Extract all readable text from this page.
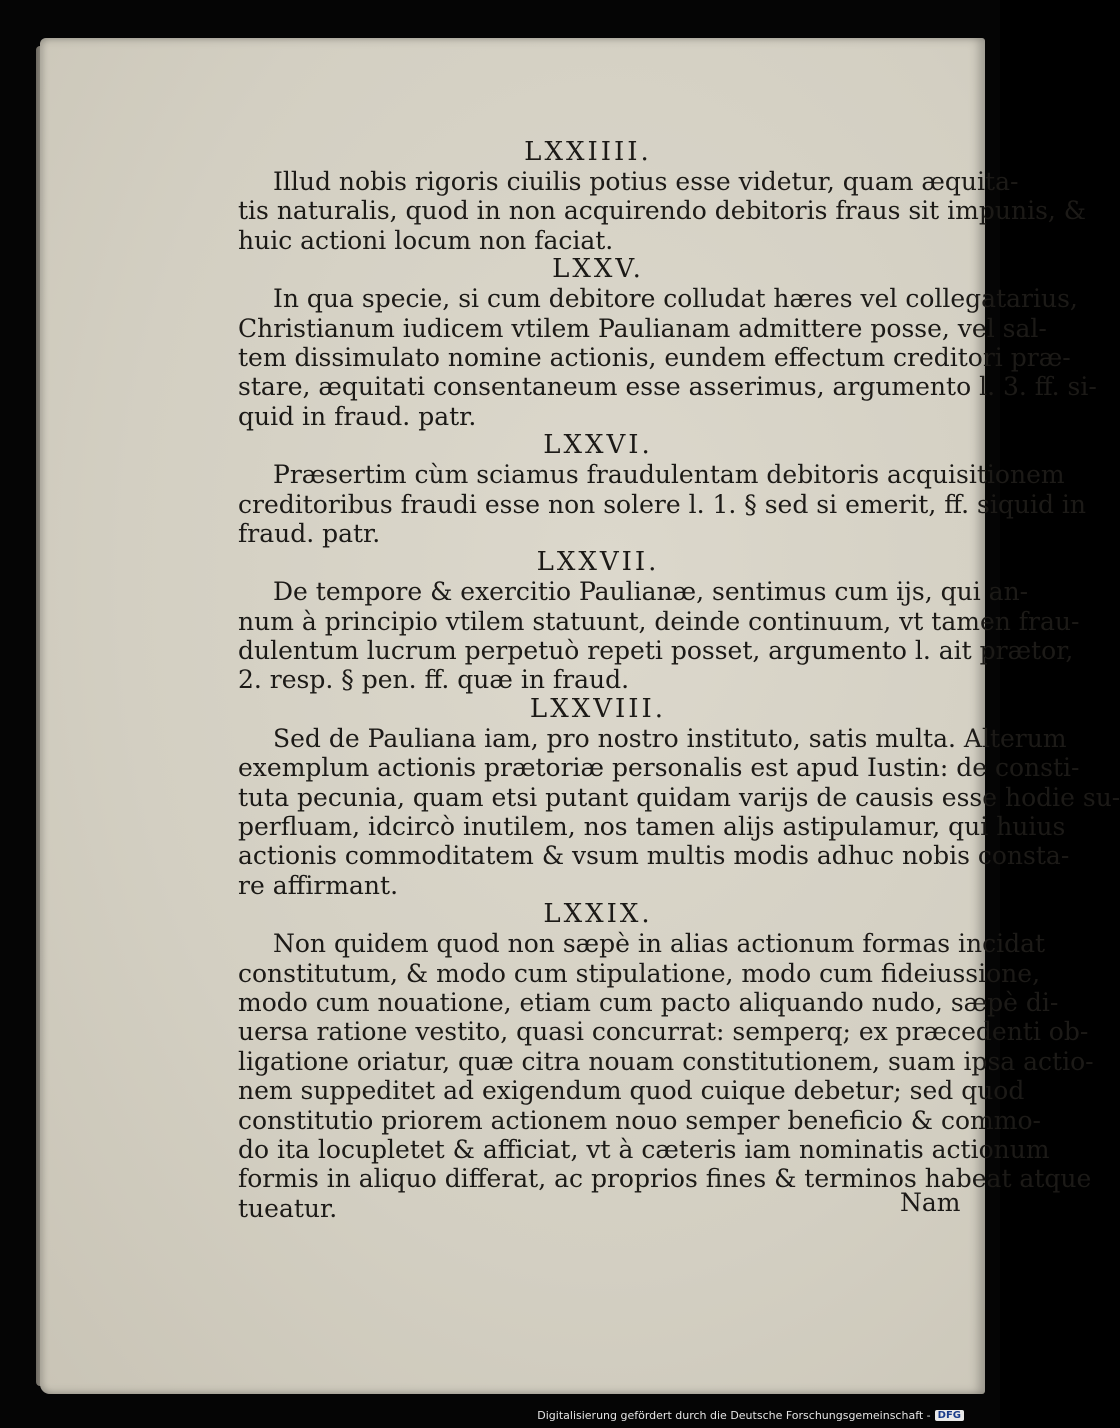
LXXIIII.
Illud nobis rigoris ciuilis potius esse videtur, quam æquita-
tis naturalis, quod in non acquirendo debitoris fraus sit impunis, &
huic actioni locum non faciat.
LXXV.
In qua specie, si cum debitore colludat hæres vel collegatarius,
Christianum iudicem vtilem Paulianam admittere posse, vel sal-
tem dissimulato nomine actionis, eundem effectum creditori præ-
stare, æquitati consentaneum esse asserimus, argumento l. 3. ff. si-
quid in fraud. patr.
LXXVI.
Præsertim cùm sciamus fraudulentam debitoris acquisitionem
creditoribus fraudi esse non solere l. 1. § sed si emerit, ff. siquid in
fraud. patr.
LXXVII.
De tempore & exercitio Paulianæ, sentimus cum ijs, qui an-
num à principio vtilem statuunt, deinde continuum, vt tamen frau-
dulentum lucrum perpetuò repeti posset, argumento l. ait prætor,
2. resp. § pen. ff. quæ in fraud.
LXXVIII.
Sed de Pauliana iam, pro nostro instituto, satis multa. Alterum
exemplum actionis prætoriæ personalis est apud Iustin: de consti-
tuta pecunia, quam etsi putant quidam varijs de causis esse hodie su-
perfluam, idcircò inutilem, nos tamen alijs astipulamur, qui huius
actionis commoditatem & vsum multis modis adhuc nobis consta-
re affirmant.
LXXIX.
Non quidem quod non sæpè in alias actionum formas incidat
constitutum, & modo cum stipulatione, modo cum fideiussione,
modo cum nouatione, etiam cum pacto aliquando nudo, sæpè di-
uersa ratione vestito, quasi concurrat: semperq; ex præcedenti ob-
ligatione oriatur, quæ citra nouam constitutionem, suam ipsa actio-
nem suppeditet ad exigendum quod cuique debetur; sed quod
constitutio priorem actionem nouo semper beneficio & commo-
do ita locupletet & afficiat, vt à cæteris iam nominatis actionum
formis in aliquo differat, ac proprios fines & terminos habeat atque
tueatur.	Nam
Digitalisierung gefördert durch die Deutsche Forschungsgemeinschaft - DFG
